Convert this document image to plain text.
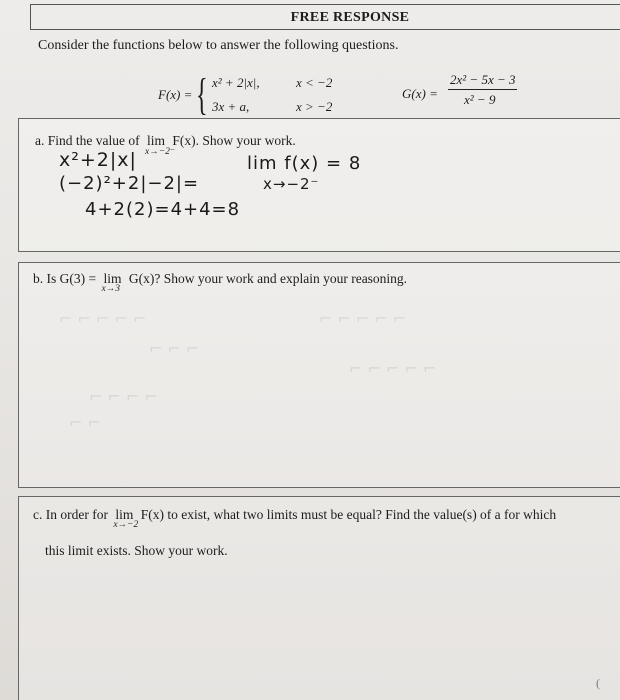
FREE RESPONSE
Consider the functions below to answer the following questions.
F(x) = { x² + 2|x|,	x < −2
3x + a,	x > −2
G(x) =
2x² − 5x − 3
x² − 9
a. Find the value of lim
x→−2⁻
F(x). Show your work.
x²+2|x|
(−2)²+2|−2|=
4+2(2)=4+4=8
lim f(x) = 8
x→−2⁻
b. Is G(3) = lim
x→3
G(x)? Show your work and explain your reasoning.
⌐ ⌐ ⌐ ⌐ ⌐	⌐ ⌐ ⌐ ⌐ ⌐
⌐ ⌐ ⌐
⌐ ⌐ ⌐ ⌐ ⌐
⌐ ⌐ ⌐ ⌐
⌐ ⌐
c. In order for lim
x→−2
F(x) to exist, what two limits must be equal? Find the value(s) of a for which
this limit exists. Show your work.
(
